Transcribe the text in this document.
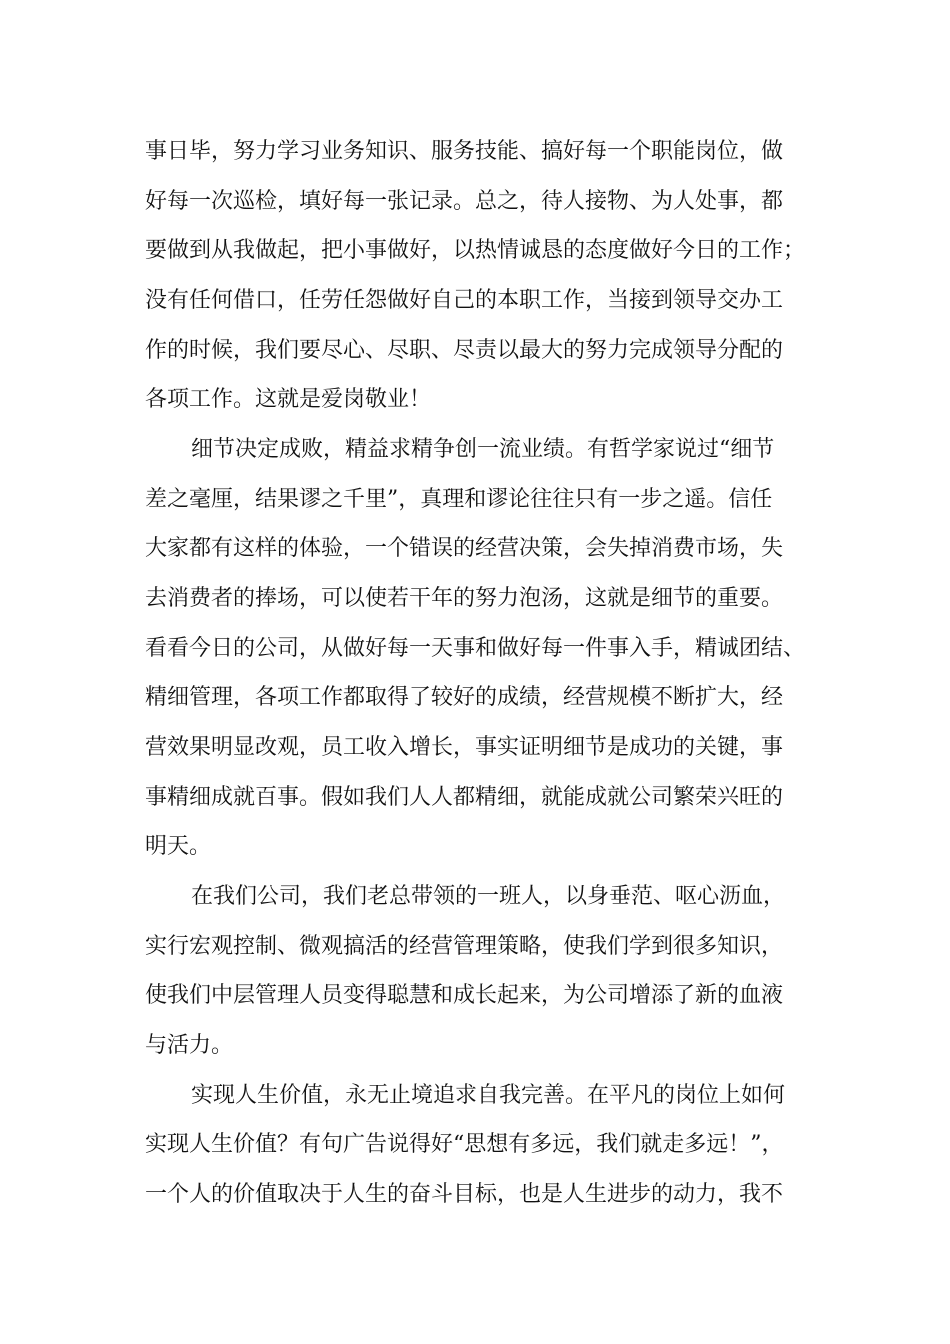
事日毕，努力学习业务知识、服务技能、搞好每一个职能岗位，做
好每一次巡检，填好每一张记录。总之，待人接物、为人处事，都
要做到从我做起，把小事做好，以热情诚恳的态度做好今日的工作；
没有任何借口，任劳任怨做好自己的本职工作，当接到领导交办工
作的时候，我们要尽心、尽职、尽责以最大的努力完成领导分配的
各项工作。这就是爱岗敬业！
细节决定成败，精益求精争创一流业绩。有哲学家说过“细节
差之毫厘，结果谬之千里”，真理和谬论往往只有一步之遥。信任
大家都有这样的体验，一个错误的经营决策，会失掉消费市场，失
去消费者的捧场，可以使若干年的努力泡汤，这就是细节的重要。
看看今日的公司，从做好每一天事和做好每一件事入手，精诚团结、
精细管理，各项工作都取得了较好的成绩，经营规模不断扩大，经
营效果明显改观，员工收入增长，事实证明细节是成功的关键，事
事精细成就百事。假如我们人人都精细，就能成就公司繁荣兴旺的
明天。
在我们公司，我们老总带领的一班人，以身垂范、呕心沥血，
实行宏观控制、微观搞活的经营管理策略，使我们学到很多知识，
使我们中层管理人员变得聪慧和成长起来，为公司增添了新的血液
与活力。
实现人生价值，永无止境追求自我完善。在平凡的岗位上如何
实现人生价值？有句广告说得好“思想有多远，我们就走多远！”，
一个人的价值取决于人生的奋斗目标，也是人生进步的动力，我不
